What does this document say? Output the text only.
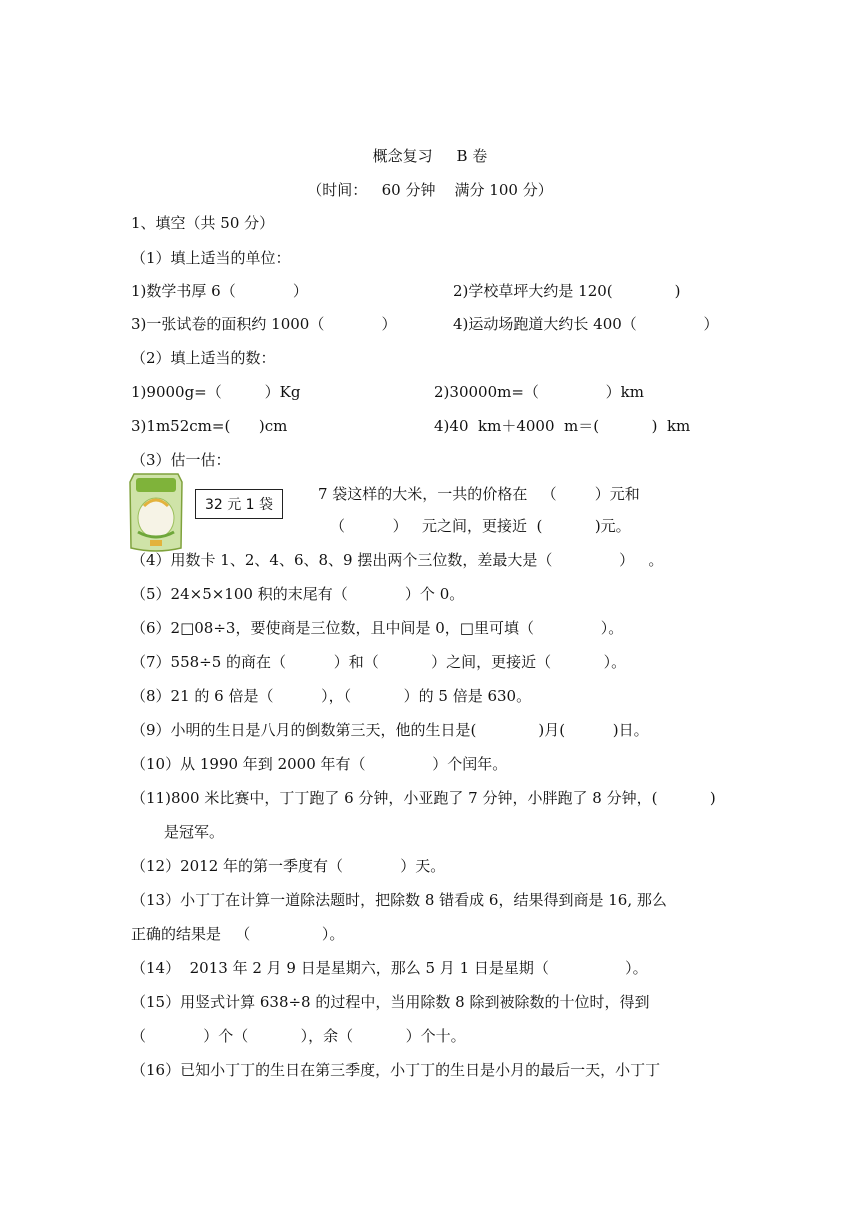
概念复习     B 卷
（时间：   60 分钟    满分 100 分）
1、填空（共 50 分）
（1）填上适当的单位：
1)数学书厚 6（            ）	2)学校草坪大约是 120(             )
3)一张试卷的面积约 1000（            ）	4)运动场跑道大约长 400（              ）
（2）填上适当的数：
1)9000g=（         ）Kg	2)30000m=（              ）km
3)1m52cm=(      )cm	4)40  km＋4000  m＝(           )  km
（3）估一估：
32 元 1 袋
7 袋这样的大米，一共的价格在   （        ）元和
（          ）   元之间，更接近  (           )元。
（4）用数卡 1、2、4、6、8、9 摆出两个三位数，差最大是（              ）   。
（5）24×5×100 积的末尾有（            ）个 0。
（6）2□08÷3，要使商是三位数，且中间是 0，□里可填（              ）。
（7）558÷5 的商在（          ）和（           ）之间，更接近（           ）。
（8）21 的 6 倍是（          ），（           ）的 5 倍是 630。
（9）小明的生日是八月的倒数第三天，他的生日是(             )月(          )日。
（10）从 1990 年到 2000 年有（              ）个闰年。
（11)800 米比赛中，丁丁跑了 6 分钟，小亚跑了 7 分钟，小胖跑了 8 分钟，(           )
是冠军。
（12）2012 年的第一季度有（            ）天。
（13）小丁丁在计算一道除法题时，把除数 8 错看成 6，结果得到商是 16, 那么
正确的结果是   （               ）。
（14）  2013 年 2 月 9 日是星期六，那么 5 月 1 日是星期（                ）。
（15）用竖式计算 638÷8 的过程中，当用除数 8 除到被除数的十位时，得到
（            ）个（           ），余（           ）个十。
（16）已知小丁丁的生日在第三季度，小丁丁的生日是小月的最后一天，小丁丁
